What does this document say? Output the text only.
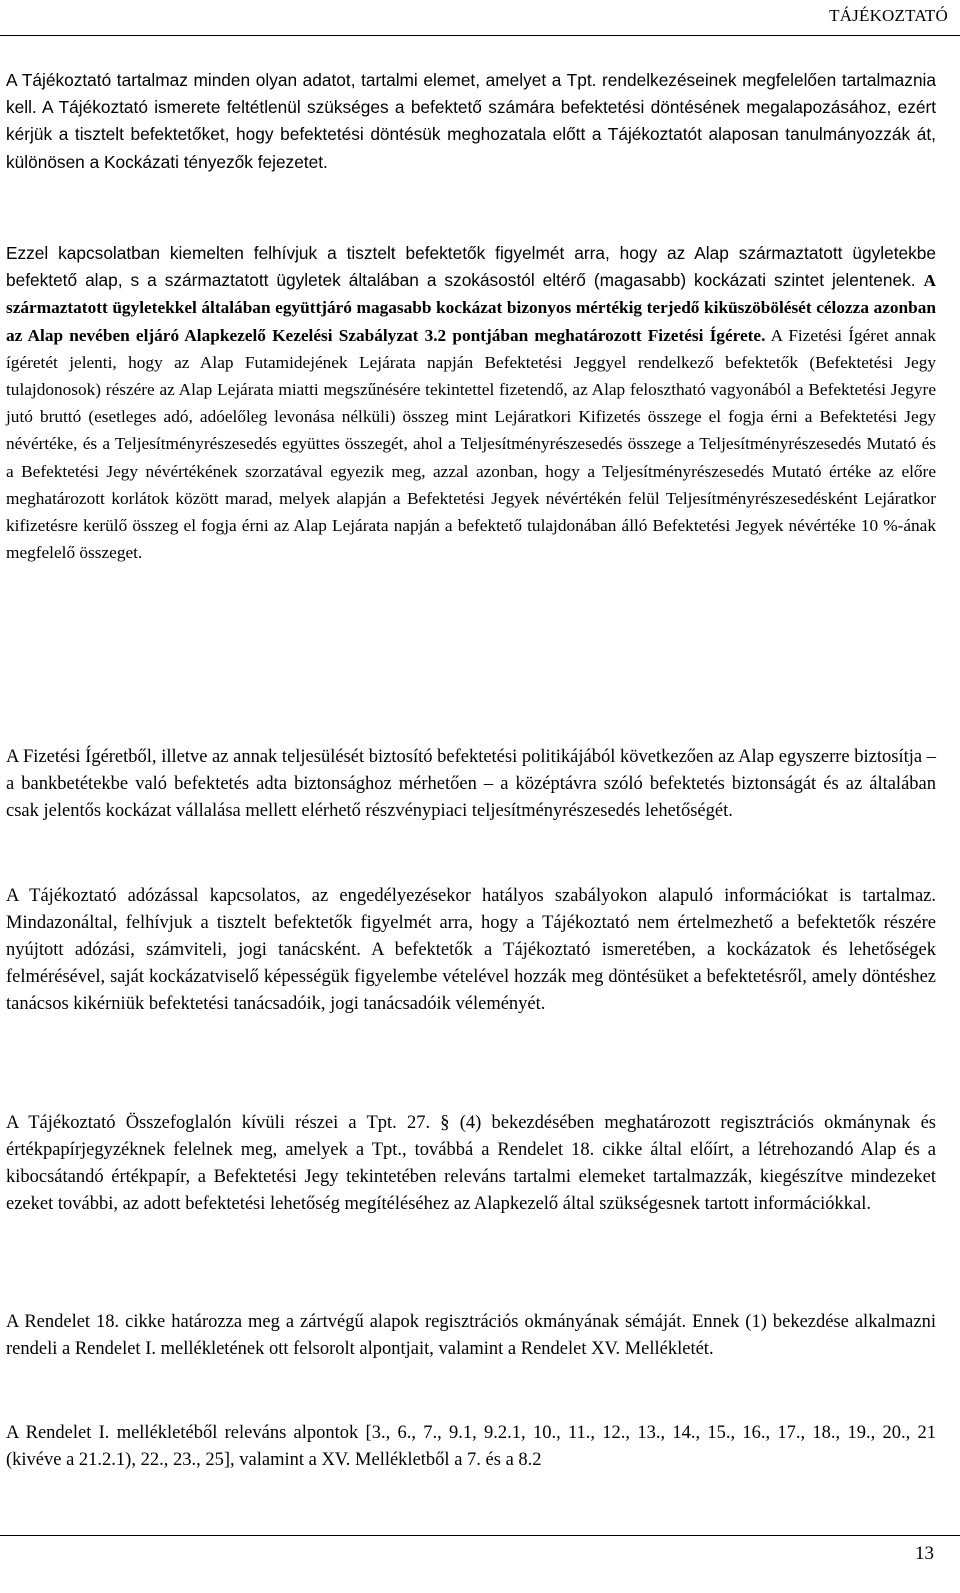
TÁJÉKOZTATÓ

A Tájékoztató tartalmaz minden olyan adatot, tartalmi elemet, amelyet a Tpt. rendelkezéseinek megfelelően tartalmaznia kell. A Tájékoztató ismerete feltétlenül szükséges a befektető számára befektetési döntésének megalapozásához, ezért kérjük a tisztelt befektetőket, hogy befektetési döntésük meghozatala előtt a Tájékoztatót alaposan tanulmányozzák át, különösen a Kockázati tényezők fejezetet.

Ezzel kapcsolatban kiemelten felhívjuk a tisztelt befektetők figyelmét arra, hogy az Alap származtatott ügyletekbe befektető alap, s a származtatott ügyletek általában a szokásostól eltérő (magasabb) kockázati szintet jelentenek. A származtatott ügyletekkel általában együttjáró magasabb kockázat bizonyos mértékig terjedő kiküszöbölését célozza azonban az Alap nevében eljáró Alapkezelő Kezelési Szabályzat 3.2 pontjában meghatározott Fizetési Ígérete. A Fizetési Ígéret annak ígéretét jelenti, hogy az Alap Futamidejének Lejárata napján Befektetési Jeggyel rendelkező befektetők (Befektetési Jegy tulajdonosok) részére az Alap Lejárata miatti megszűnésére tekintettel fizetendő, az Alap felosztható vagyonából a Befektetési Jegyre jutó bruttó (esetleges adó, adóelőleg levonása nélküli) összeg mint Lejáratkori Kifizetés összege el fogja érni a Befektetési Jegy névértéke, és a Teljesítményrészesedés együttes összegét, ahol a Teljesítményrészesedés összege a Teljesítményrészesedés Mutató és a Befektetési Jegy névértékének szorzatával egyezik meg, azzal azonban, hogy a Teljesítményrészesedés Mutató értéke az előre meghatározott korlátok között marad, melyek alapján a Befektetési Jegyek névértékén felül Teljesítményrészesedésként Lejáratkor kifizetésre kerülő összeg el fogja érni az Alap Lejárata napján a befektető tulajdonában álló Befektetési Jegyek névértéke 10 %-ának megfelelő összeget.

A Fizetési Ígéretből, illetve az annak teljesülését biztosító befektetési politikájából következően az Alap egyszerre biztosítja – a bankbetétekbe való befektetés adta biztonsághoz mérhetően – a középtávra szóló befektetés biztonságát és az általában csak jelentős kockázat vállalása mellett elérhető részvénypiaci teljesítményrészesedés lehetőségét.

A Tájékoztató adózással kapcsolatos, az engedélyezésekor hatályos szabályokon alapuló információkat is tartalmaz. Mindazonáltal, felhívjuk a tisztelt befektetők figyelmét arra, hogy a Tájékoztató nem értelmezhető a befektetők részére nyújtott adózási, számviteli, jogi tanácsként. A befektetők a Tájékoztató ismeretében, a kockázatok és lehetőségek felmérésével, saját kockázatviselő képességük figyelembe vételével hozzák meg döntésüket a befektetésről, amely döntéshez tanácsos kikérniük befektetési tanácsadóik, jogi tanácsadóik véleményét.

A Tájékoztató Összefoglalón kívüli részei a Tpt. 27. § (4) bekezdésében meghatározott regisztrációs okmánynak és értékpapírjegyzéknek felelnek meg, amelyek a Tpt., továbbá a Rendelet 18. cikke által előírt, a létrehozandó Alap és a kibocsátandó értékpapír, a Befektetési Jegy tekintetében releváns tartalmi elemeket tartalmazzák, kiegészítve mindezeket ezeket további, az adott befektetési lehetőség megítéléséhez az Alapkezelő által szükségesnek tartott információkkal.

A Rendelet 18. cikke határozza meg a zártvégű alapok regisztrációs okmányának sémáját. Ennek (1) bekezdése alkalmazni rendeli a Rendelet I. mellékletének ott felsorolt alpontjait, valamint a Rendelet XV. Mellékletét.

A Rendelet I. mellékletéből releváns alpontok [3., 6., 7., 9.1, 9.2.1, 10., 11., 12., 13., 14., 15., 16., 17., 18., 19., 20., 21 (kivéve a 21.2.1), 22., 23., 25], valamint a XV. Mellékletből a 7. és a 8.2

13
